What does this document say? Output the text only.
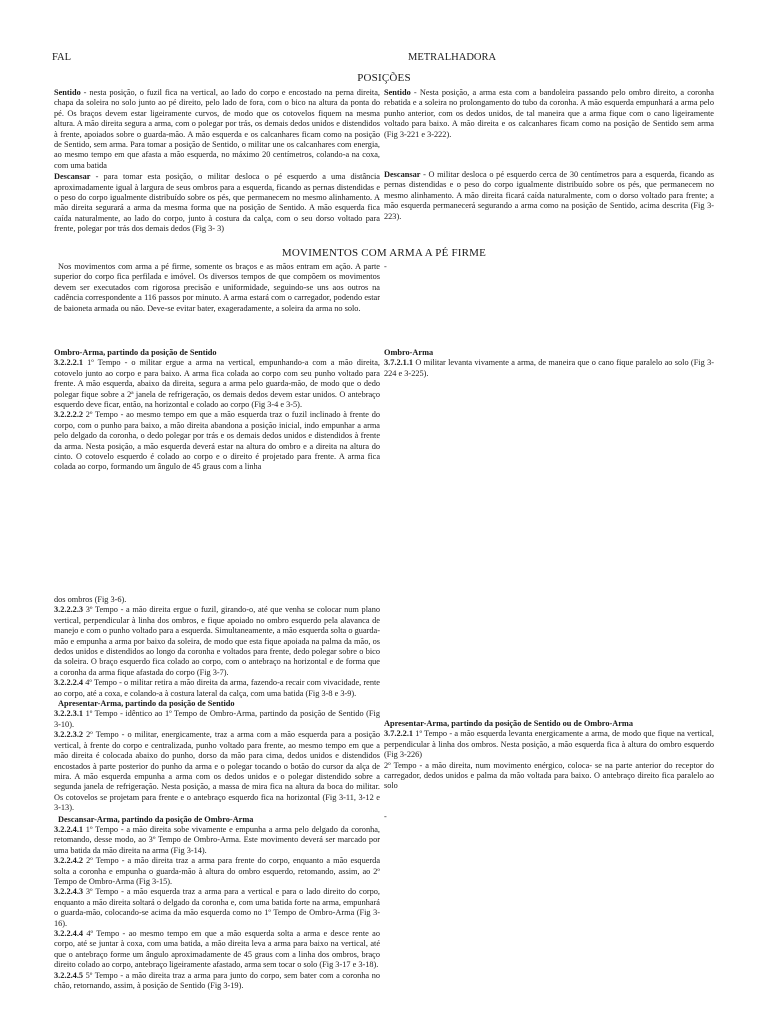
FAL	METRALHADORA
POSIÇÕES

Sentido - nesta posição, o fuzil fica na vertical, ao lado do corpo e encostado na perna direita, chapa da soleira no solo junto ao pé direito, pelo lado de fora, com o bico na altura da ponta do pé. Os braços devem estar ligeiramente curvos, de modo que os cotovelos fiquem na mesma altura. A mão direita segura a arma, com o polegar por trás, os demais dedos unidos e distendidos à frente, apoiados sobre o guarda-mão. A mão esquerda e os calcanhares ficam como na posição de Sentido, sem arma. Para tomar a posição de Sentido, o militar une os calcanhares com energia, ao mesmo tempo em que afasta a mão esquerda, no máximo 20 centímetros, colando-a na coxa, com uma batida

Descansar - para tomar esta posição, o militar desloca o pé esquerdo a uma distância aproximadamente igual à largura de seus ombros para a esquerda, ficando as pernas distendidas e o peso do corpo igualmente distribuído sobre os pés, que permanecem no mesmo alinhamento. A mão direita segurará a arma da mesma forma que na posição de Sentido. A mão esquerda fica caída naturalmente, ao lado do corpo, junto à costura da calça, com o seu dorso voltado para frente, polegar por trás dos demais dedos (Fig 3- 3)

Sentido - Nesta posição, a arma esta com a bandoleira passando pelo ombro direito, a coronha rebatida e a soleira no prolongamento do tubo da coronha. A mão esquerda empunhará a arma pelo punho anterior, com os dedos unidos, de tal maneira que a arma fique com o cano ligeiramente voltado para baixo. A mão direita e os calcanhares ficam como na posição de Sentido sem arma (Fig 3-221 e 3-222).

Descansar - O militar desloca o pé esquerdo cerca de 30 centímetros para a esquerda, ficando as pernas distendidas e o peso do corpo igualmente distribuído sobre os pés, que permanecem no mesmo alinhamento. A mão direita ficará caída naturalmente, com o dorso voltado para frente; a mão esquerda permanecerá segurando a arma como na posição de Sentido, acima descrita (Fig 3-223).

MOVIMENTOS COM ARMA A PÉ FIRME

Nos movimentos com arma a pé firme, somente os braços e as mãos entram em ação. A parte superior do corpo fica perfilada e imóvel. Os diversos tempos de que compõem os movimentos devem ser executados com rigorosa precisão e uniformidade, seguindo-se uns aos outros na cadência correspondente a 116 passos por minuto. A arma estará com o carregador, podendo estar de baioneta armada ou não. Deve-se evitar bater, exageradamente, a soleira da arma no solo.

-

Ombro-Arma, partindo da posição de Sentido

3.2.2.2.1 1º Tempo - o militar ergue a arma na vertical, empunhando-a com a mão direita, cotovelo junto ao corpo e para baixo. A arma fica colada ao corpo com seu punho voltado para frente. A mão esquerda, abaixo da direita, segura a arma pelo guarda-mão, de modo que o dedo polegar fique sobre a 2ª janela de refrigeração, os demais dedos devem estar unidos. O antebraço esquerdo deve ficar, então, na horizontal e colado ao corpo (Fig 3-4 e 3-5).

3.2.2.2.2 2º Tempo - ao mesmo tempo em que a mão esquerda traz o fuzil inclinado à frente do corpo, com o punho para baixo, a mão direita abandona a posição inicial, indo empunhar a arma pelo delgado da coronha, o dedo polegar por trás e os demais dedos unidos e distendidos à frente da arma. Nesta posição, a mão esquerda deverá estar na altura do ombro e a direita na altura do cinto. O cotovelo esquerdo é colado ao corpo e o direito é projetado para frente. A arma fica colada ao corpo, formando um ângulo de 45 graus com a linha

Ombro-Arma

3.7.2.1.1 O militar levanta vivamente a arma, de maneira que o cano fique paralelo ao solo (Fig 3-224 e 3-225).

dos ombros (Fig 3-6).

3.2.2.2.3 3º Tempo - a mão direita ergue o fuzil, girando-o, até que venha se colocar num plano vertical, perpendicular à linha dos ombros, e fique apoiado no ombro esquerdo pela alavanca de manejo e com o punho voltado para a esquerda. Simultaneamente, a mão esquerda solta o guarda-mão e empunha a arma por baixo da soleira, de modo que esta fique apoiada na palma da mão, os dedos unidos e distendidos ao longo da coronha e voltados para frente, dedo polegar sobre o bico da soleira. O braço esquerdo fica colado ao corpo, com o antebraço na horizontal e de forma que a coronha da arma fique afastada do corpo (Fig 3-7).

3.2.2.2.4 4º Tempo - o militar retira a mão direita da arma, fazendo-a recair com vivacidade, rente ao corpo, até a coxa, e colando-a à costura lateral da calça, com uma batida (Fig 3-8 e 3-9).

Apresentar-Arma, partindo da posição de Sentido

3.2.2.3.1 1º Tempo - idêntico ao 1º Tempo de Ombro-Arma, partindo da posição de Sentido (Fig 3-10).

3.2.2.3.2 2º Tempo - o militar, energicamente, traz a arma com a mão esquerda para a posição vertical, à frente do corpo e centralizada, punho voltado para frente, ao mesmo tempo em que a mão direita é colocada abaixo do punho, dorso da mão para cima, dedos unidos e distendidos encostados à parte posterior do punho da arma e o polegar tocando o botão do cursor da alça de mira. A mão esquerda empunha a arma com os dedos unidos e o polegar distendido sobre a segunda janela de refrigeração. Nesta posição, a massa de mira fica na altura da boca do militar. Os cotovelos se projetam para frente e o antebraço esquerdo fica na horizontal (Fig 3-11, 3-12 e 3-13).

Descansar-Arma, partindo da posição de Ombro-Arma

3.2.2.4.1 1º Tempo - a mão direita sobe vivamente e empunha a arma pelo delgado da coronha, retomando, desse modo, ao 3º Tempo de Ombro-Arma. Este movimento deverá ser marcado por uma batida da mão direita na arma (Fig 3-14).

3.2.2.4.2 2º Tempo - a mão direita traz a arma para frente do corpo, enquanto a mão esquerda solta a coronha e empunha o guarda-mão à altura do ombro esquerdo, retomando, assim, ao 2º Tempo de Ombro-Arma (Fig 3-15).

3.2.2.4.3 3º Tempo - a mão esquerda traz a arma para a vertical e para o lado direito do corpo, enquanto a mão direita soltará o delgado da coronha e, com uma batida forte na arma, empunhará o guarda-mão, colocando-se acima da mão esquerda como no 1º Tempo de Ombro-Arma (Fig 3-16).

3.2.2.4.4 4º Tempo - ao mesmo tempo em que a mão esquerda solta a arma e desce rente ao corpo, até se juntar à coxa, com uma batida, a mão direita leva a arma para baixo na vertical, até que o antebraço forme um ângulo aproximadamente de 45 graus com a linha dos ombros, braço direito colado ao corpo, antebraço ligeiramente afastado, arma sem tocar o solo (Fig 3-17 e 3-18).

3.2.2.4.5 5º Tempo - a mão direita traz a arma para junto do corpo, sem bater com a coronha no chão, retornando, assim, à posição de Sentido (Fig 3-19).

Apresentar-Arma, partindo da posição de Sentido ou de Ombro-Arma

3.7.2.2.1 1º Tempo - a mão esquerda levanta energicamente a arma, de modo que fique na vertical, perpendicular à linha dos ombros. Nesta posição, a mão esquerda fica à altura do ombro esquerdo (Fig 3-226)

2º Tempo - a mão direita, num movimento enérgico, coloca- se na parte anterior do receptor do carregador, dedos unidos e palma da mão voltada para baixo. O antebraço direito fica paralelo ao solo

-
